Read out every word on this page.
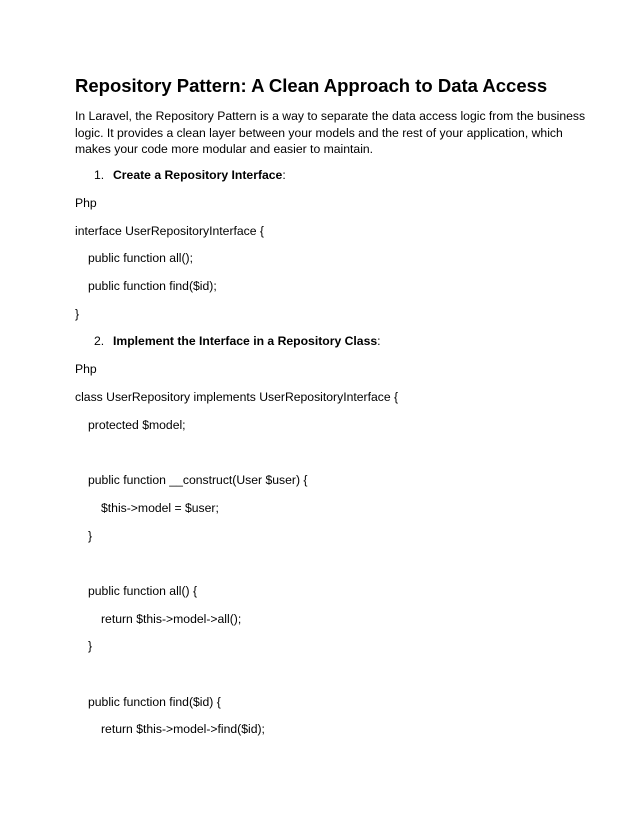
Repository Pattern: A Clean Approach to Data Access
In Laravel, the Repository Pattern is a way to separate the data access logic from the business
logic. It provides a clean layer between your models and the rest of your application, which
makes your code more modular and easier to maintain.
1. Create a Repository Interface:
Php
interface UserRepositoryInterface {
public function all();
public function find($id);
}
2. Implement the Interface in a Repository Class:
Php
class UserRepository implements UserRepositoryInterface {
protected $model;
public function __construct(User $user) {
$this->model = $user;
}
public function all() {
return $this->model->all();
}
public function find($id) {
return $this->model->find($id);
